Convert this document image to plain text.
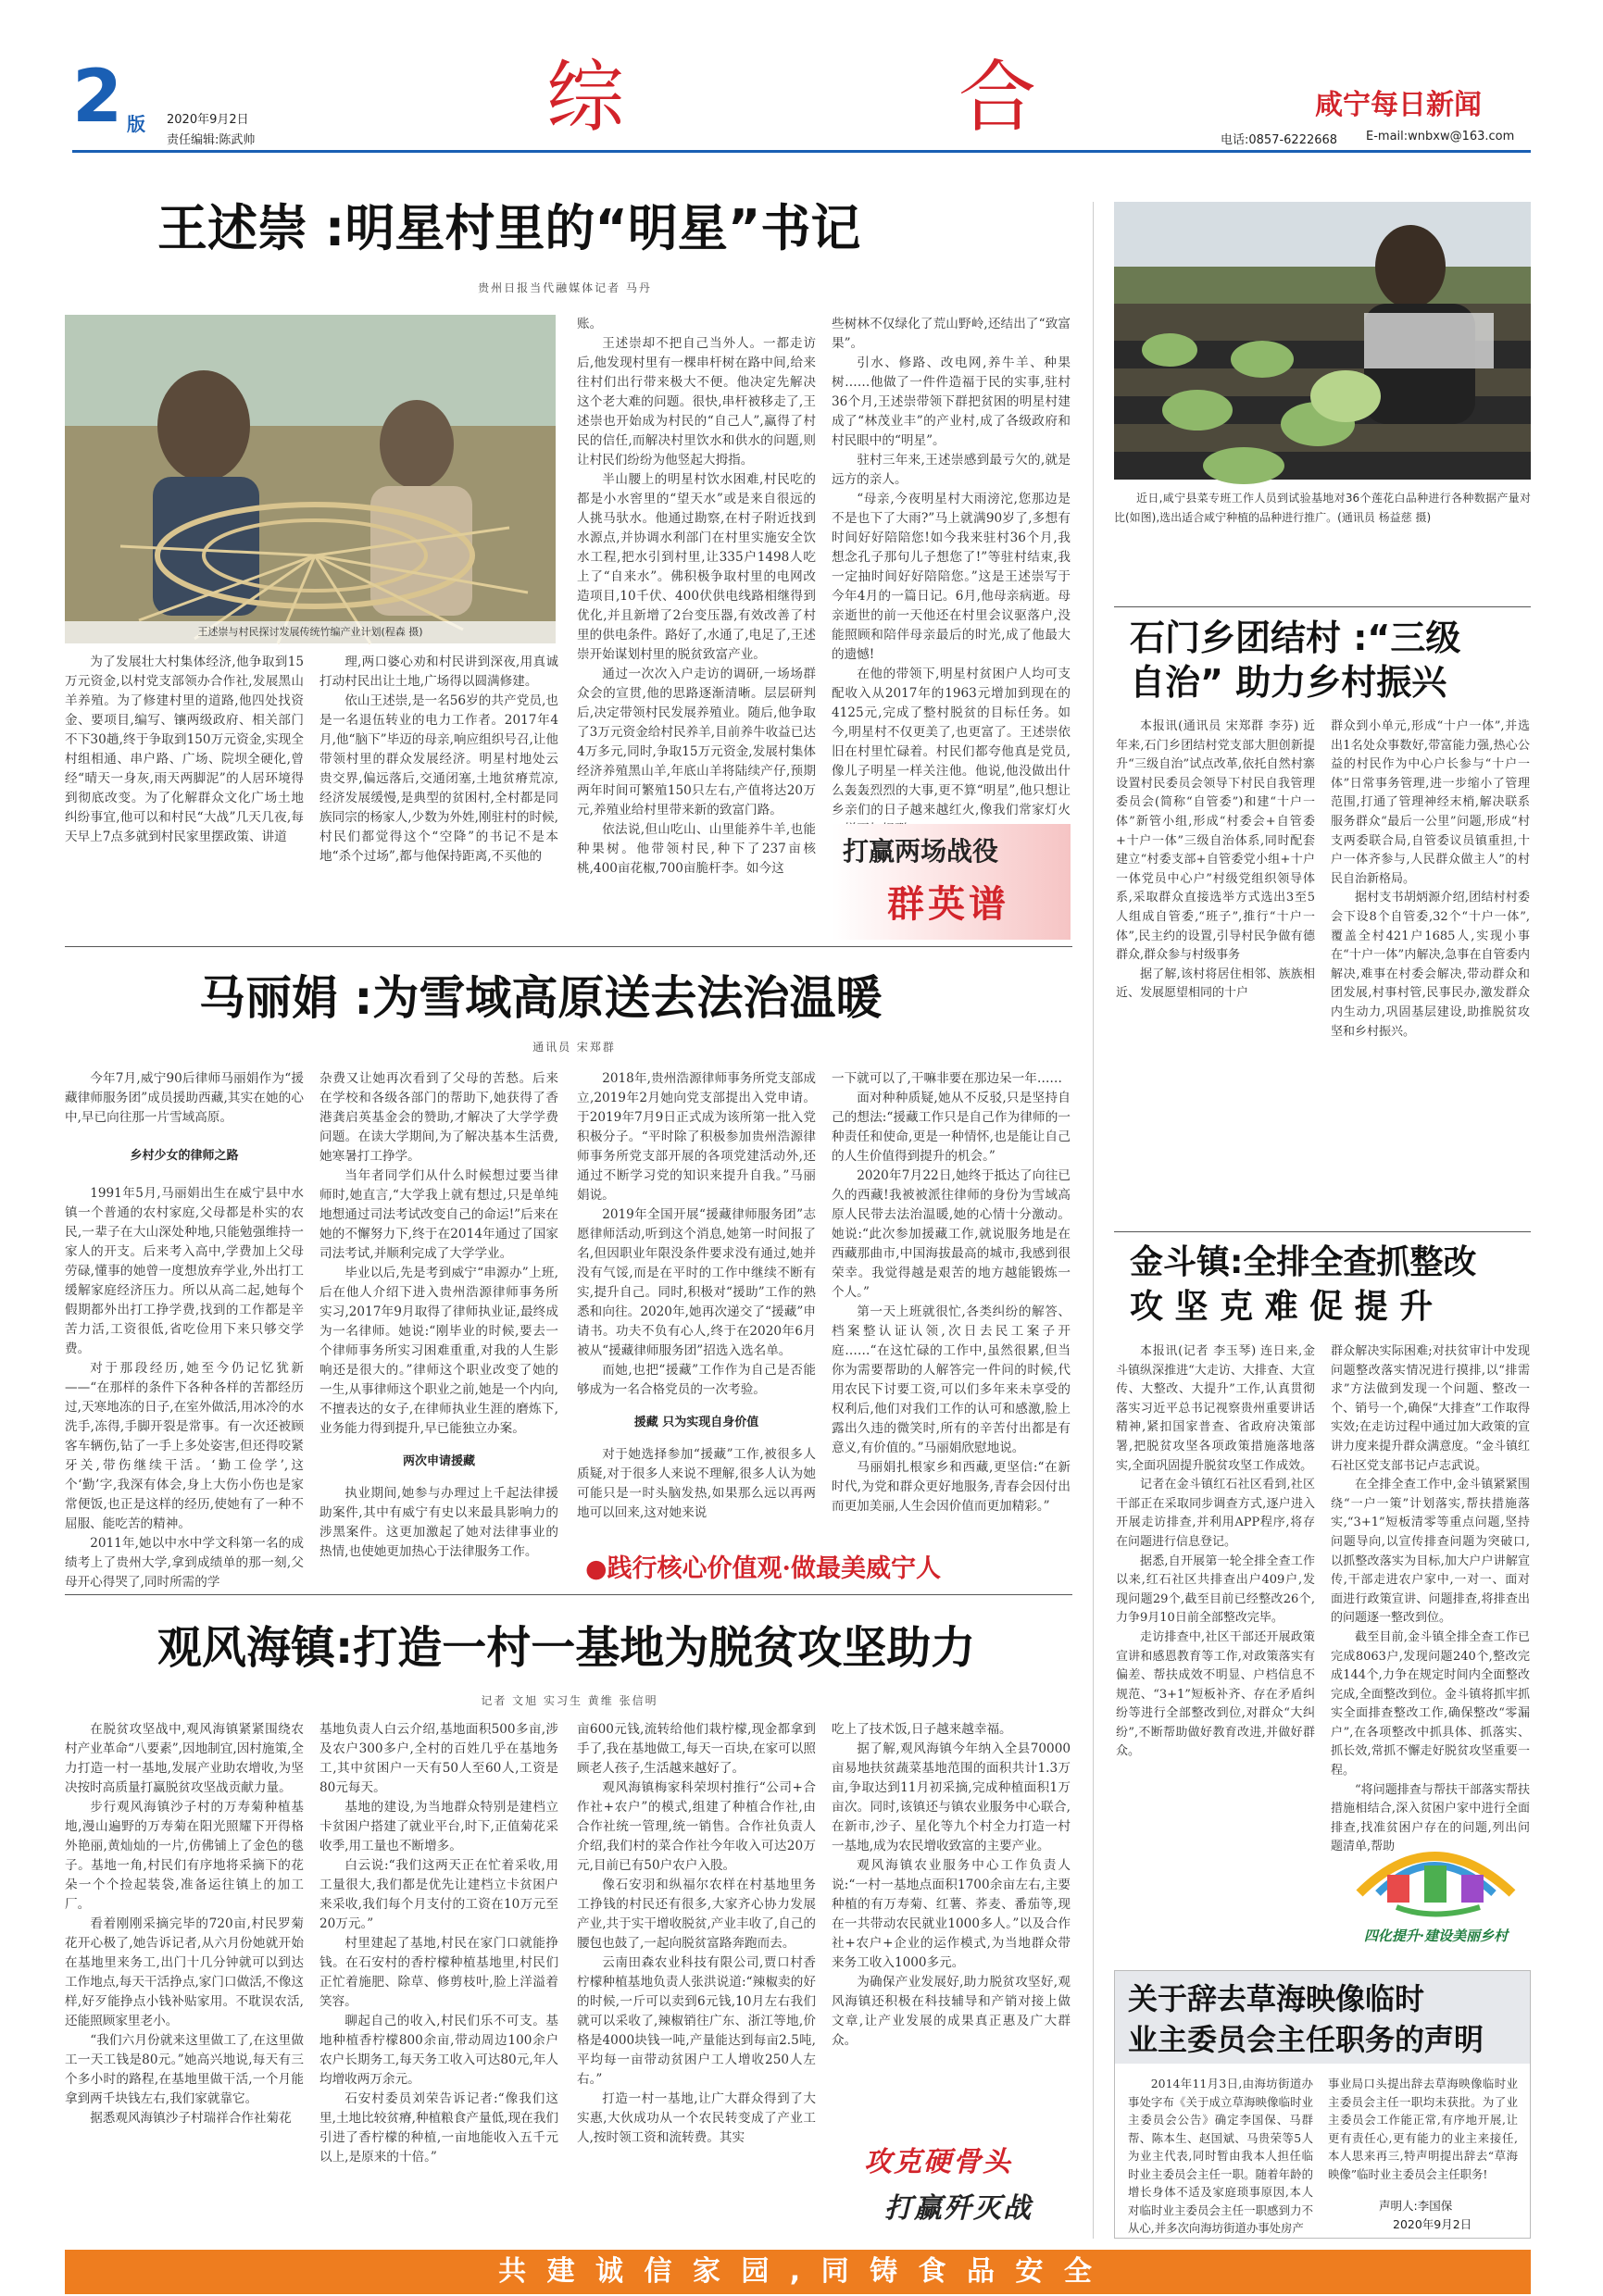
2 版 2020年9月2日
责任编辑:陈武帅	综	合	咸宁每日新闻
电话:0857-6222668 E-mail:wnbxw@163.com
王述崇 :明星村里的“明星”书记
贵州日报当代融媒体记者 马丹
王述崇与村民探讨发展传统竹编产业计划(程森 摄)

为了发展壮大村集体经济,他争取到15万元资金,以村党支部领办合作社,发展黑山羊养殖。为了修建村里的道路,他四处找资金、要项目,编写、镶两级政府、相关部门不下30趟,终于争取到150万元资金,实现全村组相通、串户路、广场、院坝全硬化,曾经“晴天一身灰,雨天两脚泥”的人居环境得到彻底改变。为了化解群众文化广场土地纠纷事宜,他可以和村民“大战”几天几夜,每天早上7点多就到村民家里摆政策、讲道

理,两口婆心劝和村民讲到深夜,用真诚打动村民出让土地,广场得以圆满修建。

依山王述崇,是一名56岁的共产党员,也是一名退伍转业的电力工作者。2017年4月,他“脑下”毕迈的母亲,响应组织号召,让他带领村里的群众发展经济。明星村地处云贵交界,偏远落后,交通闭塞,土地贫瘠荒凉,经济发展缓慢,是典型的贫困村,全村都是同族同宗的杨家人,少数为外姓,刚驻村的时候,村民们都觉得这个“空降”的书记不是本地“杀个过场”,都与他保持距离,不买他的

账。

王述崇却不把自己当外人。一都走访后,他发现村里有一棵串杆树在路中间,给来往村们出行带来极大不便。他决定先解决这个老大难的问题。很快,串杆被移走了,王述崇也开始成为村民的“自己人”,赢得了村民的信任,而解决村里饮水和供水的问题,则让村民们纷纷为他竖起大拇指。

半山腰上的明星村饮水困难,村民吃的都是小水窖里的“望天水”或是来自很远的人挑马驮水。他通过勘察,在村子附近找到水源点,并协调水利部门在村里实施安全饮水工程,把水引到村里,让335户1498人吃上了“自来水”。佛积极争取村里的电网改造项目,10千伏、400伏供电线路相继得到优化,并且新增了2台变压器,有效改善了村里的供电条件。路好了,水通了,电足了,王述崇开始谋划村里的脱贫致富产业。

通过一次次入户走访的调研,一场场群众会的宣贯,他的思路逐渐清晰。层层研判后,决定带领村民发展养殖业。随后,他争取了3万元资金给村民养羊,目前养牛收益已达4万多元,同时,争取15万元资金,发展村集体经济养殖黑山羊,年底山羊将陆续产仔,预期两年时间可繁殖150只左右,产值将达20万元,养殖业给村里带来新的致富门路。

依法说,但山吃山、山里能养牛羊,也能种果树。他带领村民,种下了237亩核桃,400亩花椒,700亩脆杆李。如今这

些树林不仅绿化了荒山野岭,还结出了“致富果”。

引水、修路、改电网,养牛羊、种果树……他做了一件件造福于民的实事,驻村36个月,王述崇带领下群把贫困的明星村建成了“林茂业丰”的产业村,成了各级政府和村民眼中的“明星”。

驻村三年来,王述崇感到最亏欠的,就是远方的亲人。

“母亲,今夜明星村大雨滂沱,您那边是不是也下了大雨?”马上就满90岁了,多想有时间好好陪陪您!如今我来驻村36个月,我想念孔子那句儿子想您了!”等驻村结束,我一定抽时间好好陪陪您。”这是王述崇写于今年4月的一篇日记。6月,他母亲病逝。母亲逝世的前一天他还在村里会议驱落户,没能照顾和陪伴母亲最后的时光,成了他最大的遗憾!

在他的带领下,明星村贫困户人均可支配收入从2017年的1963元增加到现在的4125元,完成了整村脱贫的目标任务。如今,明星村不仅更美了,也更富了。王述崇依旧在村里忙碌着。村民们都夸他真是党员,像儿子明星一样关注他。他说,他没做出什么轰轰烈烈的大事,更不算“明星”,他只想让乡亲们的日子越来越红火,像我们常家灯火

打赢两场战役
群英谱
近日,咸宁县菜专班工作人员到试验基地对36个莲花白品种进行各种数据产量对比(如图),选出适合咸宁种植的品种进行推广。(通讯员 杨益慈 摄)
石门乡团结村 :“三级
自治” 助力乡村振兴

本报讯(通讯员 宋郑群 李芬) 近年来,石门乡团结村党支部大胆创新提升“三级自治”试点改革,依托自然村寨设置村民委员会领导下村民自我管理委员会(简称“自管委”)和建“十户一体”新管小组,形成“村委会+自管委+十户一体”三级自治体系,同时配套建立“村委支部+自管委党小组+十户一体党员中心户”村级党组织领导体系,采取群众直接选举方式选出3至5人组成自管委,“班子”,推行“十户一体”,民主约的设置,引导村民争做有德群众,群众参与村级事务

据了解,该村将居住相邻、族族相近、发展愿望相同的十户

群众到小单元,形成“十户一体”,并选出1名处众事数好,带富能力强,热心公益的村民作为中心户长参与“十户一体”日常事务管理,进一步缩小了管理范围,打通了管理神经末梢,解决联系服务群众“最后一公里”问题,形成“村支两委联合局,自管委议员镇重担,十户一体齐参与,人民群众做主人”的村民自治新格局。

据村支书胡炳源介绍,团结村村委会下设8个自管委,32个“十户一体”,覆盖全村421户1685人,实现小事在“十户一体”内解决,急事在自管委内解决,难事在村委会解决,带动群众和团发展,村事村管,民事民办,激发群众内生动力,巩固基层建设,助推脱贫攻坚和乡村振兴。

马丽娟 :为雪域高原送去法治温暖
通讯员 宋郑群

今年7月,威宁90后律师马丽娟作为“援藏律师服务团”成员援助西藏,其实在她的心中,早已向往那一片雪域高原。

乡村少女的律师之路

1991年5月,马丽娟出生在威宁县中水镇一个普通的农村家庭,父母都是朴实的农民,一辈子在大山深处种地,只能勉强维持一家人的开支。后来考入高中,学费加上父母劳碌,懂事的她曾一度想放弃学业,外出打工缓解家庭经济压力。所以从高二起,她每个假期都外出打工挣学费,找到的工作都是辛苦力活,工资很低,省吃俭用下来只够交学费。

对于那段经历,她至今仍记忆犹新——“在那样的条件下各种各样的苦都经历过,天寒地冻的日子,在室外做活,用冰冷的水洗手,冻得,手脚开裂是常事。有一次还被顾客车辆伤,钻了一手上多处姿害,但还得咬紧牙关,带伤继续干活。‘勤工俭学’,这个‘勤’字,我深有体会,身上大伤小伤也是家常便饭,也正是这样的经历,使她有了一种不屈服、能吃苦的精神。

2011年,她以中水中学文科第一名的成绩考上了贵州大学,拿到成绩单的那一刻,父母开心得哭了,同时所需的学

杂费又让她再次看到了父母的苦愁。后来在学校和各级各部门的帮助下,她获得了香港龚启英基金会的赞助,才解决了大学学费问题。在读大学期间,为了解决基本生活费,她寒暑打工挣学。

当年者同学们从什么时候想过要当律师时,她直言,“大学我上就有想过,只是单纯地想通过司法考试改变自己的命运!”后来在她的不懈努力下,终于在2014年通过了国家司法考试,并顺利完成了大学学业。

毕业以后,先是考到威宁“串源办”上班,后在他人介绍下进入贵州浩源律师事务所实习,2017年9月取得了律师执业证,最终成为一名律师。她说:“刚毕业的时候,要去一个律师事务所实习困难重重,对我的人生影响还是很大的。”律师这个职业改变了她的一生,从事律师这个职业之前,她是一个内向,不擅表达的女子,在律师执业生涯的磨炼下,业务能力得到提升,早已能独立办案。

两次申请援藏

执业期间,她参与办理过上千起法律援助案件,其中有威宁有史以来最具影响力的涉黑案件。这更加激起了她对法律事业的热情,也使她更加热心于法律服务工作。

2018年,贵州浩源律师事务所党支部成立,2019年2月她向党支部提出入党申请。于2019年7月9日正式成为该所第一批入党积极分子。“平时除了积极参加贵州浩源律师事务所党支部开展的各项党建活动外,还通过不断学习党的知识来提升自我。”马丽娟说。

2019年全国开展“援藏律师服务团”志愿律师活动,听到这个消息,她第一时间报了名,但因职业年限没条件要求没有通过,她并没有气馁,而是在平时的工作中继续不断有实,提升自己。同时,积极对“援助”工作的熟悉和向往。2020年,她再次递交了“援藏”申请书。功夫不负有心人,终于在2020年6月被从“援藏律师服务团”招选入选名单。

而她,也把“援藏”工作作为自己是否能够成为一名合格党员的一次考验。

援藏 只为实现自身价值

对于她选择参加“援藏”工作,被很多人质疑,对于很多人来说不理解,很多人认为她可能只是一时头脑发热,如果那么远以再两地可以回来,这对她来说

一下就可以了,干嘛非要在那边呆一年……

面对种种质疑,她从不反驳,只是坚持自己的想法:“援藏工作只是自己作为律师的一种责任和使命,更是一种情怀,也是能让自己的人生价值得到提升的机会。”

2020年7月22日,她终于抵达了向往已久的西藏!我被被派往律师的身份为雪域高原人民带去法治温暖,她的心情十分激动。她说:“此次参加援藏工作,就说服务地是在西藏那曲市,中国海拔最高的城市,我感到很荣幸。我觉得越是艰苦的地方越能锻炼一个人。”

第一天上班就很忙,各类纠纷的解答、档案整认证认领,次日去民工案子开庭……“在这忙碌的工作中,虽然很累,但当你为需要帮助的人解答完一件问的时候,代用农民下讨要工资,可以们多年来未享受的权利后,他们对我们工作的认可和感激,脸上露出久违的微笑时,所有的辛苦付出都是有意义,有价值的。”马丽娟欣慰地说。

马丽娟扎根家乡和西藏,更坚信:“在新时代,为党和群众更好地服务,青春会因付出而更加美丽,人生会因价值而更加精彩。”

●践行核心价值观·做最美威宁人
金斗镇:全排全查抓整改
攻 坚 克 难 促 提 升

本报讯(记者 李玉琴) 连日来,金斗镇纵深推进“大走访、大排查、大宣传、大整改、大提升”工作,认真贯彻落实习近平总书记视察贵州重要讲话精神,紧扣国家普查、省政府决策部署,把脱贫攻坚各项政策措施落地落实,全面巩固提升脱贫攻坚工作成效。

记者在金斗镇红石社区看到,社区干部正在采取同步调查方式,逐户进入开展走访排查,并利用APP程序,将存在问题进行信息登记。

据悉,自开展第一轮全排全查工作以来,红石社区共排查出户409户,发现问题29个,截至目前已经整改26个,力争9月10日前全部整改完毕。

走访排查中,社区干部还开展政策宣讲和感恩教育等工作,对政策落实有偏差、帮扶成效不明显、户档信息不规范、“3+1”短板补齐、存在矛盾纠纷等进行全部整改到位,对群众“大纠纷”,不断帮助做好教育改进,并做好群众。

群众解决实际困难;对扶贫审计中发现问题整改落实情况进行摸排,以“排需求”方法做到发现一个问题、整改一个、销号一个,确保“大排查”工作取得实效;在走访过程中通过加大政策的宣讲力度来提升群众满意度。“金斗镇红石社区党支部书记卢志武说。

在全排全查工作中,金斗镇紧紧围绕“一户一策”计划落实,帮扶措施落实,“3+1”短板清零等重点问题,坚持问题导向,以宣传排查问题为突破口,以抓整改落实为目标,加大户户讲解宣传,干部走进农户家中,一对一、面对面进行政策宣讲、问题排查,将排查出的问题逐一整改到位。

截至目前,金斗镇全排全查工作已完成8063户,发现问题240个,整改完成144个,力争在规定时间内全面整改完成,全面整改到位。金斗镇将抓牢抓实全面排查整改工作,确保整改“零漏户”,在各项整改中抓具体、抓落实、抓长效,常抓不懈走好脱贫攻坚重要一程。

“将问题排查与帮扶干部落实帮扶措施相结合,深入贫困户家中进行全面排查,找准贫困户存在的问题,列出问题清单,帮助

四化提升·建设美丽乡村
观风海镇:打造一村一基地为脱贫攻坚助力
记者 文旭 实习生 黄维 张信明

在脱贫攻坚战中,观风海镇紧紧围绕农村产业革命“八要素”,因地制宜,因村施策,全力打造一村一基地,发展产业助农增收,为坚决按时高质量打赢脱贫攻坚战贡献力量。

步行观风海镇沙子村的万寿菊种植基地,漫山遍野的万寿菊在阳光照耀下开得格外艳丽,黄灿灿的一片,仿佛铺上了金色的毯子。基地一角,村民们有序地将采摘下的花朵一个个捡起装袋,准备运往镇上的加工厂。

看着刚刚采摘完毕的720亩,村民罗菊花开心极了,她告诉记者,从六月份她就开始在基地里来务工,出门十几分钟就可以到达工作地点,每天干活挣点,家门口做活,不像这样,好歹能挣点小钱补贴家用。不耽误农活,还能照顾家里老小。

“我们六月份就来这里做工了,在这里做工一天工钱是80元。”她高兴地说,每天有三个多小时的路程,在基地里做干活,一个月能拿到两千块钱左右,我们家就靠它。

据悉观风海镇沙子村瑞祥合作社菊花

基地负责人白云介绍,基地面积500多亩,涉及农户300多户,全村的百姓几乎在基地务工,其中贫困户一天有50人至60人,工资是80元每天。

基地的建设,为当地群众特别是建档立卡贫困户搭建了就业平台,时下,正值菊花采收季,用工量也不断增多。

白云说:“我们这两天正在忙着采收,用工量很大,我们都是优先让建档立卡贫困户来采收,我们每个月支付的工资在10万元至20万元。”

村里建起了基地,村民在家门口就能挣钱。在石安村的香柠檬种植基地里,村民们正忙着施肥、除草、修剪枝叶,脸上洋溢着笑容。

聊起自己的收入,村民们乐不可支。基地种植香柠檬800余亩,带动周边100余户农户长期务工,每天务工收入可达80元,年人均增收两万余元。

石安村委员刘荣告诉记者:“像我们这里,土地比较贫瘠,种植粮食产量低,现在我们引进了香柠檬的种植,一亩地能收入五千元以上,是原来的十倍。”

亩600元钱,流转给他们栽柠檬,现金都拿到手了,我在基地做工,每天一百块,在家可以照顾老人孩子,生活越来越好了。

观风海镇梅家科荣坝村推行“公司+合作社+农户”的模式,组建了种植合作社,由合作社统一管理,统一销售。合作社负责人介绍,我们村的菜合作社今年收入可达20万元,目前已有50户农户入股。

像石安羽和纵福尔农样在村基地里务工挣钱的村民还有很多,大家齐心协力发展产业,共于实干增收脱贫,产业丰收了,自己的腰包也鼓了,一起向脱贫富路奔跑而去。

云南田森农业科技有限公司,贾口村香柠檬种植基地负责人张洪说道:“辣椒卖的好的时候,一斤可以卖到6元钱,10月左右我们就可以采收了,辣椒销往广东、浙江等地,价格是4000块钱一吨,产量能达到每亩2.5吨,平均每一亩带动贫困户工人增收250人左右。”

打造一村一基地,让广大群众得到了大实惠,大伙成功从一个农民转变成了产业工人,按时领工资和流转费。其实

吃上了技术饭,日子越来越幸福。

据了解,观风海镇今年纳入全县70000亩易地扶贫蔬菜基地范围的面积共计1.3万亩,争取达到11月初采摘,完成种植面积1万亩次。同时,该镇还与镇农业服务中心联合,在新市,沙子、星化等九个村全力打造一村一基地,成为农民增收致富的主要产业。

观风海镇农业服务中心工作负责人说:“一村一基地点面积1700余亩左右,主要种植的有万寿菊、红薯、荞麦、番茄等,现在一共带动农民就业1000多人。”以及合作社+农户+企业的运作模式,为当地群众带来务工收入1000多元。

为确保产业发展好,助力脱贫攻坚好,观风海镇还积极在科技辅导和产销对接上做文章,让产业发展的成果真正惠及广大群众。

攻克硬骨头
打赢歼灭战
关于辞去草海映像临时
业主委员会主任职务的声明

2014年11月3日,由海坊街道办事处字布《关于成立草海映像临时业主委员会公告》确定李国保、马群帮、陈本生、赵国斌、马贵荣等5人为业主代表,同时暂由我本人担任临时业主委员会主任一职。随着年龄的增长身体不适及家庭琐事原因,本人对临时业主委员会主任一职感到力不从心,并多次向海坊街道办事处房产

事业局口头提出辞去草海映像临时业主委员会主任一职均未获批。为了业主委员会工作能正常,有序地开展,让更有责任心,更有能力的业主来接任,本人思来再三,特声明提出辞去“草海映像”临时业主委员会主任职务!

声明人:李国保
2020年9月2日
共 建 诚 信 家 园 , 同 铸 食 品 安 全
